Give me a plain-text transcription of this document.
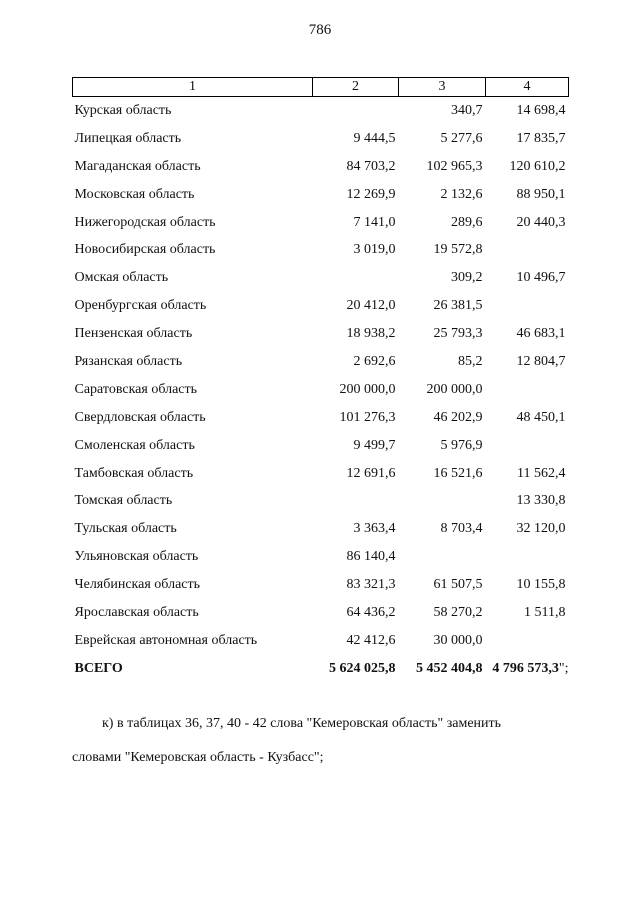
786
1	2	3	4
Курская область		340,7	14 698,4
Липецкая область	9 444,5	5 277,6	17 835,7
Магаданская область	84 703,2	102 965,3	120 610,2
Московская область	12 269,9	2 132,6	88 950,1
Нижегородская область	7 141,0	289,6	20 440,3
Новосибирская область	3 019,0	19 572,8	
Омская область		309,2	10 496,7
Оренбургская область	20 412,0	26 381,5	
Пензенская область	18 938,2	25 793,3	46 683,1
Рязанская область	2 692,6	85,2	12 804,7
Саратовская область	200 000,0	200 000,0	
Свердловская область	101 276,3	46 202,9	48 450,1
Смоленская область	9 499,7	5 976,9	
Тамбовская область	12 691,6	16 521,6	11 562,4
Томская область			13 330,8
Тульская область	3 363,4	8 703,4	32 120,0
Ульяновская область	86 140,4		
Челябинская область	83 321,3	61 507,5	10 155,8
Ярославская область	64 436,2	58 270,2	1 511,8
Еврейская автономная область	42 412,6	30 000,0	
ВСЕГО	5 624 025,8	5 452 404,8	4 796 573,3";
к) в таблицах 36, 37, 40 - 42 слова "Кемеровская область" заменить
словами "Кемеровская область - Кузбасс";
